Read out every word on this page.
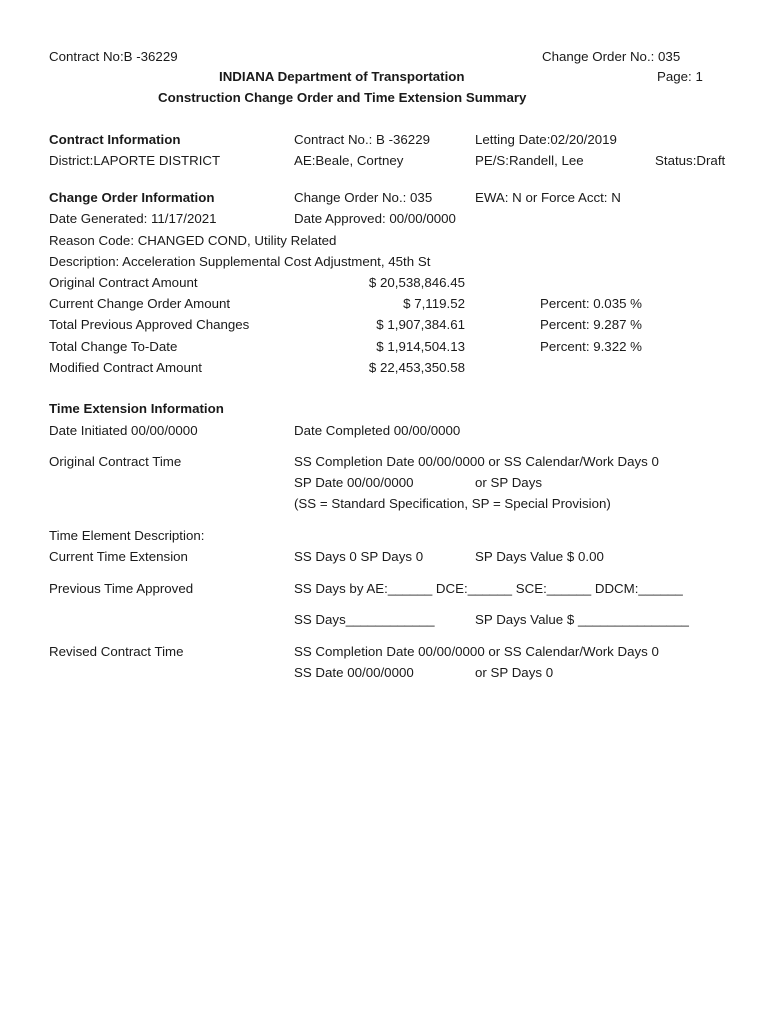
Contract No:B -36229	Change Order No.: 035
INDIANA Department of Transportation	Page: 1
Construction Change Order and Time Extension Summary
Contract Information	Contract No.: B -36229	Letting Date:02/20/2019
District:LAPORTE DISTRICT	AE:Beale, Cortney	PE/S:Randell, Lee	Status:Draft
Change Order Information	Change Order No.: 035	EWA: N or Force Acct: N
Date Generated: 11/17/2021	Date Approved: 00/00/0000
Reason Code: CHANGED COND, Utility Related
Description: Acceleration Supplemental Cost Adjustment, 45th St
Original Contract Amount	$ 20,538,846.45
Current Change Order Amount	$ 7,119.52	Percent: 0.035 %
Total Previous Approved Changes	$ 1,907,384.61	Percent: 9.287 %
Total Change To-Date	$ 1,914,504.13	Percent: 9.322 %
Modified Contract Amount	$ 22,453,350.58
Time Extension Information
Date Initiated 00/00/0000	Date Completed 00/00/0000
Original Contract Time	SS Completion Date 00/00/0000 or SS Calendar/Work Days 0
SP Date 00/00/0000	or SP Days
(SS = Standard Specification, SP = Special Provision)
Time Element Description:
Current Time Extension	SS Days 0 SP Days 0	SP Days Value $ 0.00
Previous Time Approved	SS Days by AE:______ DCE:______ SCE:______ DDCM:______
SS Days____________	SP Days Value $ _______________
Revised Contract Time	SS Completion Date 00/00/0000 or SS Calendar/Work Days 0
SS Date 00/00/0000	or SP Days 0
